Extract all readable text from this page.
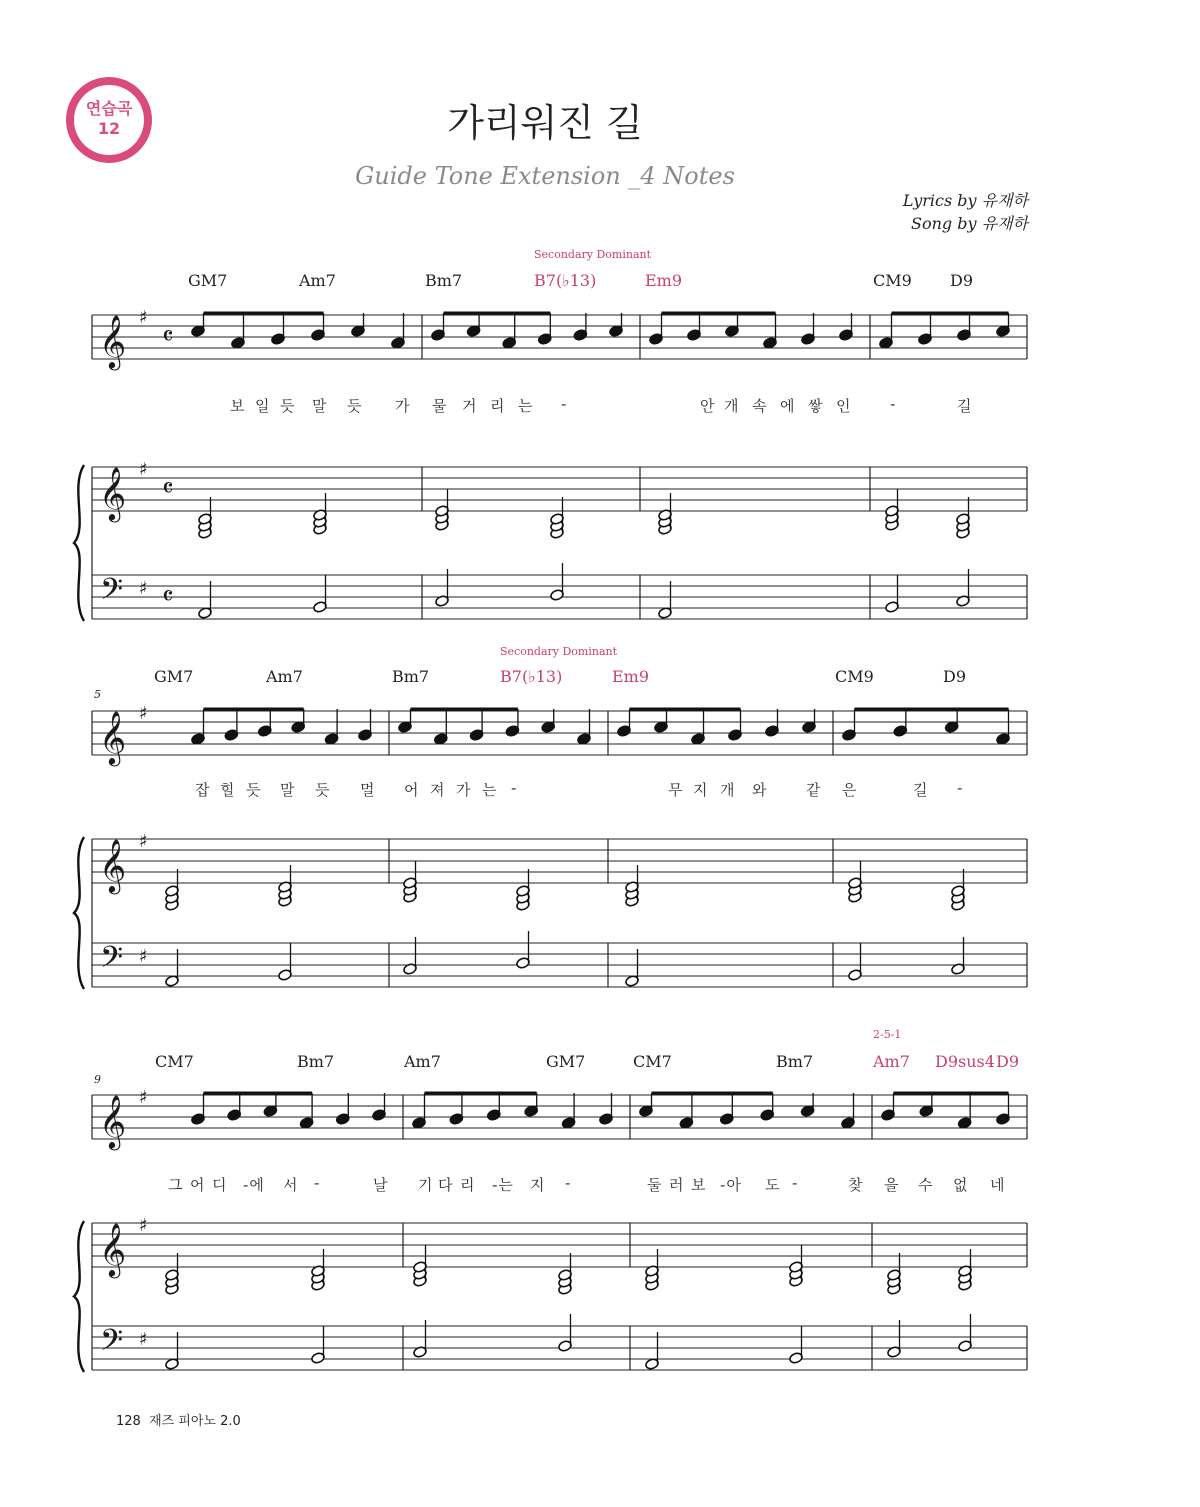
연습곡
12	가리워진 길
Guide Tone Extension _4 Notes
Lyrics by 유재하
Song by 유재하
Secondary Dominant
GM7	Am7	Bm7	B7(♭13)	Em9	CM9 D9
보 일 듯 말 듯 가 물 거 리 는 -	안 개 속 에 쌓 인	-	길
Secondary Dominant
5
GM7	Am7	Bm7	B7(♭13)	Em9	CM9	D9
잡 힐 듯 말 듯 멀 어 져 가 는 -	무 지 개 와	같 은	길 -
2-5-1
9
CM7	Bm7	Am7	GM7	CM7	Bm7	Am7 D9sus4 D9
그 어 디 -에 서 -	날 기 다 리 -는 지 -	둘 러 보 -아 도 -	찾 을 수 없 네
𝄞
𝄞
𝄢
♯
♯
♯
𝄴
𝄴
𝄴
𝄞
𝄞
𝄢
♯
♯
♯
𝄞
𝄞
𝄢
♯
♯
♯
128 재즈 피아노 2.0
